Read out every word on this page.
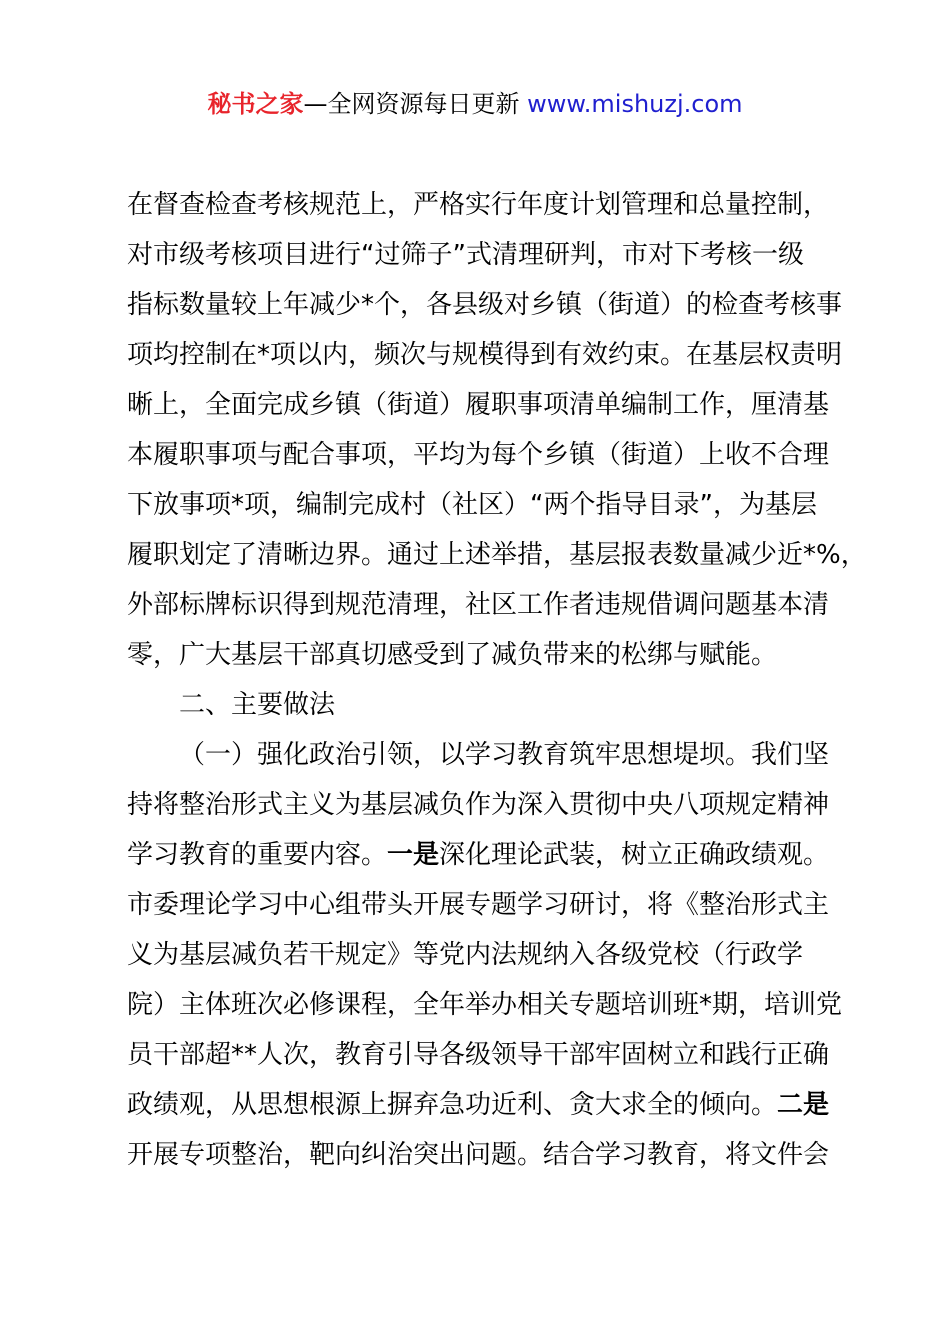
秘书之家—全网资源每日更新 www.mishuzj.com
在督查检查考核规范上，严格实行年度计划管理和总量控制，
对市级考核项目进行“过筛子”式清理研判，市对下考核一级
指标数量较上年减少*个，各县级对乡镇（街道）的检查考核事
项均控制在*项以内，频次与规模得到有效约束。在基层权责明
晰上，全面完成乡镇（街道）履职事项清单编制工作，厘清基
本履职事项与配合事项，平均为每个乡镇（街道）上收不合理
下放事项*项，编制完成村（社区）“两个指导目录”，为基层
履职划定了清晰边界。通过上述举措，基层报表数量减少近*%，
外部标牌标识得到规范清理，社区工作者违规借调问题基本清
零，广大基层干部真切感受到了减负带来的松绑与赋能。
二、主要做法
（一）强化政治引领，以学习教育筑牢思想堤坝。我们坚
持将整治形式主义为基层减负作为深入贯彻中央八项规定精神
学习教育的重要内容。一是深化理论武装，树立正确政绩观。
市委理论学习中心组带头开展专题学习研讨，将《整治形式主
义为基层减负若干规定》等党内法规纳入各级党校（行政学
院）主体班次必修课程，全年举办相关专题培训班*期，培训党
员干部超**人次，教育引导各级领导干部牢固树立和践行正确
政绩观，从思想根源上摒弃急功近利、贪大求全的倾向。二是
开展专项整治，靶向纠治突出问题。结合学习教育，将文件会
